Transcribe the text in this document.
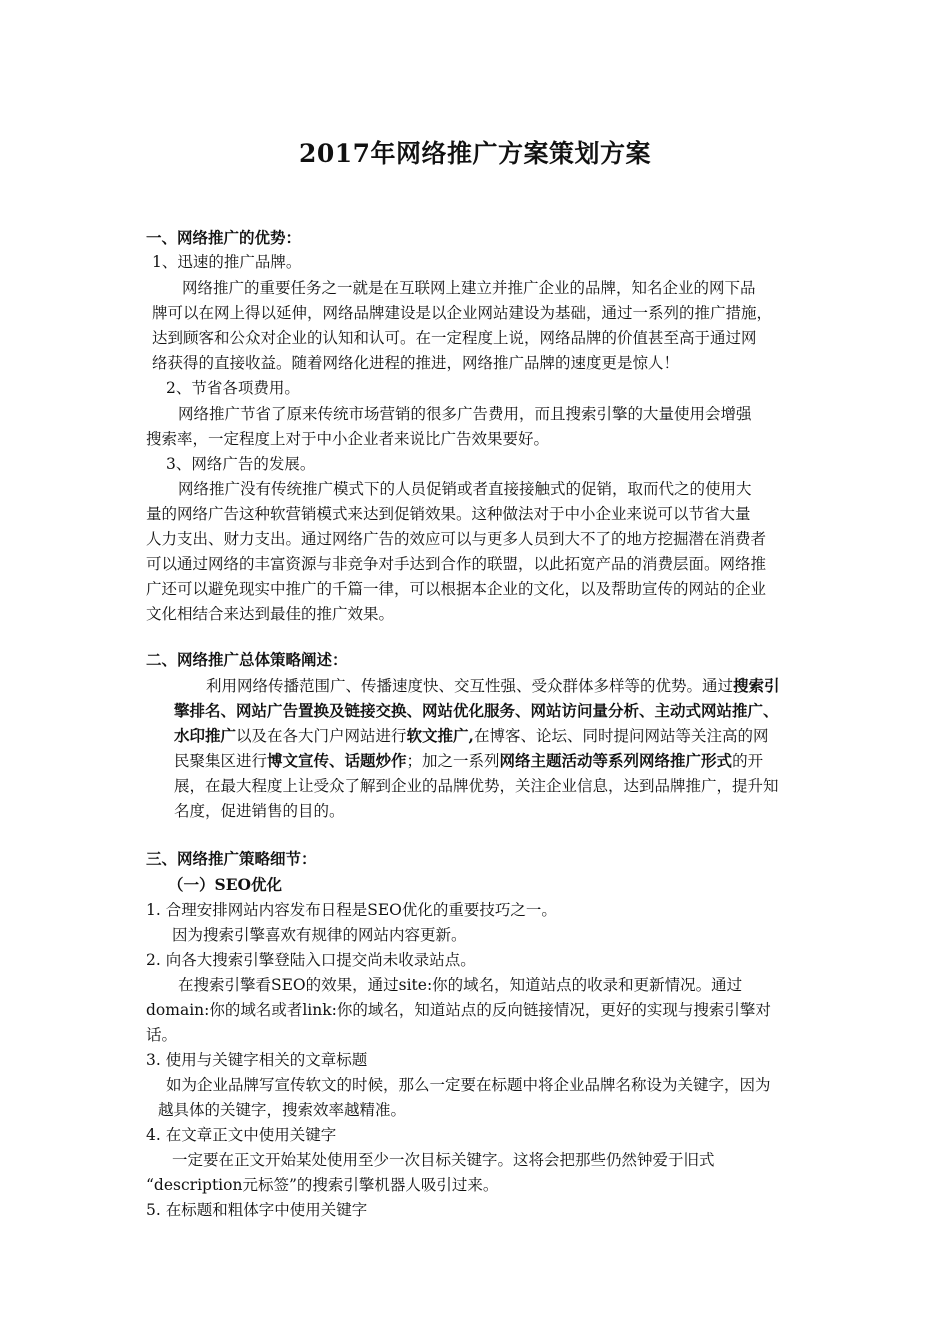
2017年网络推广方案策划方案
一、网络推广的优势：
1、迅速的推广品牌。
网络推广的重要任务之一就是在互联网上建立并推广企业的品牌，知名企业的网下品
牌可以在网上得以延伸，网络品牌建设是以企业网站建设为基础，通过一系列的推广措施，
达到顾客和公众对企业的认知和认可。在一定程度上说，网络品牌的价值甚至高于通过网
络获得的直接收益。随着网络化进程的推进，网络推广品牌的速度更是惊人！
2、节省各项费用。
网络推广节省了原来传统市场营销的很多广告费用，而且搜索引擎的大量使用会增强
搜索率，一定程度上对于中小企业者来说比广告效果要好。
3、网络广告的发展。
网络推广没有传统推广模式下的人员促销或者直接接触式的促销，取而代之的使用大
量的网络广告这种软营销模式来达到促销效果。这种做法对于中小企业来说可以节省大量
人力支出、财力支出。通过网络广告的效应可以与更多人员到大不了的地方挖掘潜在消费者
可以通过网络的丰富资源与非竞争对手达到合作的联盟，以此拓宽产品的消费层面。网络推
广还可以避免现实中推广的千篇一律，可以根据本企业的文化，以及帮助宣传的网站的企业
文化相结合来达到最佳的推广效果。
二、网络推广总体策略阐述：
利用网络传播范围广、传播速度快、交互性强、受众群体多样等的优势。通过搜索引
擎排名、网站广告置换及链接交换、网站优化服务、网站访问量分析、主动式网站推广、
水印推广以及在各大门户网站进行软文推广,在博客、论坛、同时提问网站等关注高的网
民聚集区进行博文宣传、话题炒作；加之一系列网络主题活动等系列网络推广形式的开
展，在最大程度上让受众了解到企业的品牌优势，关注企业信息，达到品牌推广，提升知
名度，促进销售的目的。
三、网络推广策略细节：
（一）SEO优化
1. 合理安排网站内容发布日程是SEO优化的重要技巧之一。
因为搜索引擎喜欢有规律的网站内容更新。
2. 向各大搜索引擎登陆入口提交尚未收录站点。
在搜索引擎看SEO的效果，通过site:你的域名，知道站点的收录和更新情况。通过
domain:你的域名或者link:你的域名，知道站点的反向链接情况，更好的实现与搜索引擎对
话。
3. 使用与关键字相关的文章标题
如为企业品牌写宣传软文的时候，那么一定要在标题中将企业品牌名称设为关键字，因为
越具体的关键字，搜索效率越精准。
4. 在文章正文中使用关键字
一定要在正文开始某处使用至少一次目标关键字。这将会把那些仍然钟爱于旧式
“description元标签”的搜索引擎机器人吸引过来。
5. 在标题和粗体字中使用关键字
